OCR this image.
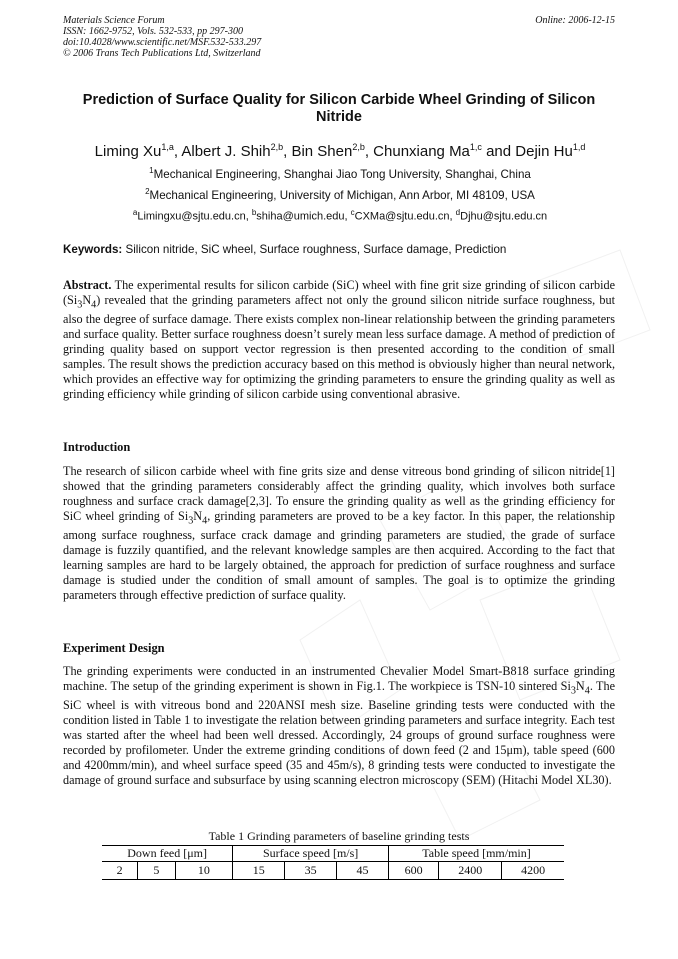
Materials Science Forum
ISSN: 1662-9752, Vols. 532-533, pp 297-300
doi:10.4028/www.scientific.net/MSF.532-533.297
© 2006 Trans Tech Publications Ltd, Switzerland
Online: 2006-12-15
Prediction of Surface Quality for Silicon Carbide Wheel Grinding of Silicon Nitride
Liming Xu$^{1,a}$, Albert J. Shih$^{2,b}$, Bin Shen$^{2,b}$, Chunxiang Ma$^{1,c}$ and Dejin Hu$^{1,d}$
$^1$Mechanical Engineering, Shanghai Jiao Tong University, Shanghai, China
$^2$Mechanical Engineering, University of Michigan, Ann Arbor, MI 48109, USA
$^a$Limingxu@sjtu.edu.cn, $^b$shiha@umich.edu, $^c$CXMa@sjtu.edu.cn, $^d$Djhu@sjtu.edu.cn
Keywords: Silicon nitride, SiC wheel, Surface roughness, Surface damage, Prediction
Abstract. The experimental results for silicon carbide (SiC) wheel with fine grit size grinding of silicon carbide $(Si_3N_4)$ revealed that the grinding parameters affect not only the ground silicon nitride surface roughness, but also the degree of surface damage. There exists complex non-linear relationship between the grinding parameters and surface quality. Better surface roughness doesn’t surely mean less surface damage. A method of prediction of grinding quality based on support vector regression is then presented according to the condition of small samples. The result shows the prediction accuracy based on this method is obviously higher than neural network, which provides an effective way for optimizing the grinding parameters to ensure the grinding quality as well as grinding efficiency while grinding of silicon carbide using conventional abrasive.
Introduction
The research of silicon carbide wheel with fine grits size and dense vitreous bond grinding of silicon nitride[1] showed that the grinding parameters considerably affect the grinding quality, which involves both surface roughness and surface crack damage[2,3]. To ensure the grinding quality as well as the grinding efficiency for SiC wheel grinding of $Si_3N_4$, grinding parameters are proved to be a key factor. In this paper, the relationship among surface roughness, surface crack damage and grinding parameters are studied, the grade of surface damage is fuzzily quantified, and the relevant knowledge samples are then acquired. According to the fact that learning samples are hard to be largely obtained, the approach for prediction of surface roughness and surface damage is studied under the condition of small amount of samples. The goal is to optimize the grinding parameters through effective prediction of surface quality.
Experiment Design
The grinding experiments were conducted in an instrumented Chevalier Model Smart-B818 surface grinding machine. The setup of the grinding experiment is shown in Fig.1. The workpiece is TSN-10 sintered $Si_3N_4$. The SiC wheel is with vitreous bond and 220ANSI mesh size. Baseline grinding tests were conducted with the condition listed in Table 1 to investigate the relation between grinding parameters and surface integrity. Each test was started after the wheel had been well dressed. Accordingly, 24 groups of ground surface roughness were recorded by profilometer. Under the extreme grinding conditions of down feed (2 and 15μm), table speed (600 and 4200mm/min), and wheel surface speed (35 and 45m/s), 8 grinding tests were conducted to investigate the damage of ground surface and subsurface by using scanning electron microscopy (SEM) (Hitachi Model XL30).
Table 1 Grinding parameters of baseline grinding tests
Down feed [μm]			Surface speed [m/s]			Table speed [mm/min]		
2	5	10	15	35	45	600	2400	4200
